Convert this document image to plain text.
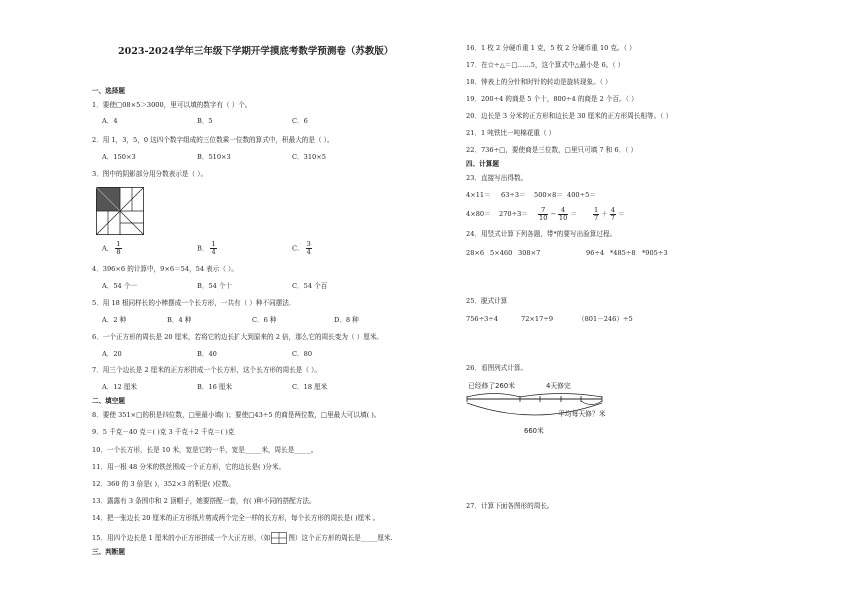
2023-2024学年三年级下学期开学摸底考数学预测卷（苏教版）
一、选择题
1．要使□08×5＞3000，里可以填的数字有（ ）个。
A．4	B．5	C．6
2．用 1，3，5，0 这四个数字组成的三位数乘一位数的算式中，积最大的是（ ）。
A．150×3	B．510×3	C．310×5
3．图中的阴影部分用分数表示是（ ）。
A． $\frac{1}{8}$	B． $\frac{1}{4}$	C． $\frac{3}{4}$
4．396×6 的计算中，9×6＝54，54 表示（ ）。
A．54 个一	B．54 个十	C．54 个百
5．用 18 根同样长的小棒摆成一个长方形，一共有（ ）种不同摆法.
A．2 种	B．4 种	C．6 种	D．8 种
6．一个正方形的周长是 20 厘米，若将它的边长扩大到原来的 2 倍，那么它的周长变为（ ）厘米。
A．20	B．40	C．80
7．用三个边长是 2 厘米的正方形拼成一个长方形，这个长方形的周长是（ ）。
A．12 厘米	B．16 厘米	C．18 厘米
二、填空题
8．要使 351×□的积是四位数，□里最小填( )；要使□43÷5 的商是两位数，□里最大可以填( )。
9．5 千克－40 克＝( )克 3 千克＋2 千克＝( )克
10．一个长方形，长是 10 米，宽是它的一半，宽是_____米，周长是_____。
11．用一根 48 分米的铁丝围成一个正方形，它的边长是( )分米。
12．360 的 3 倍是( )，352×3 的积是( )位数。
13．露露有 3 条围巾和 2 顶帽子，她要搭配一套，有( )种不同的搭配方法。
14．把一张边长 20 厘米的正方形纸片剪成两个完全一样的长方形，每个长方形的周长是( )厘米 。
15．用四个边长是 1 厘米的小正方形拼成一个大正方形，（如	图）这个正方形的周长是_____厘米.
三、判断题
16．1 枚 2 分硬币重 1 克，5 枚 2 分硬币重 10 克。（ ）
17．在☆÷△＝□……5，这个算式中△最小是 6。（ ）
18．钟表上的分针和时针的转动是旋转现象。（ ）
19．200÷4 的商是 5 个十，800÷4 的商是 2 个百。（ ）
20．边长是 3 分米的正方形和边长是 30 厘米的正方形周长相等。（ ）
21．1 吨铁比一吨棉花重（ ）
22．736÷□，要使商是三位数，□里只可填 7 和 6．（ ）
四、计算题
23．直接写出得数。
4×11＝ 63÷3＝ 500×8＝ 400÷5＝
$4\times 80= 270\div 3= \frac{7}{10} - \frac{4}{10} = \frac{1}{7} + \frac{4}{7}$ ＝
24．用竖式计算下列各题，带*的要写出验算过程。
28×6 5×460 308×7	96÷4 *485÷8 *905÷3
25．脱式计算
756÷3÷4	72×17÷9	（801－246）÷5
26．看图列式计算。
已经修了260米	4天修完
平均每天修？米
660米
27．计算下面各图形的周长。
